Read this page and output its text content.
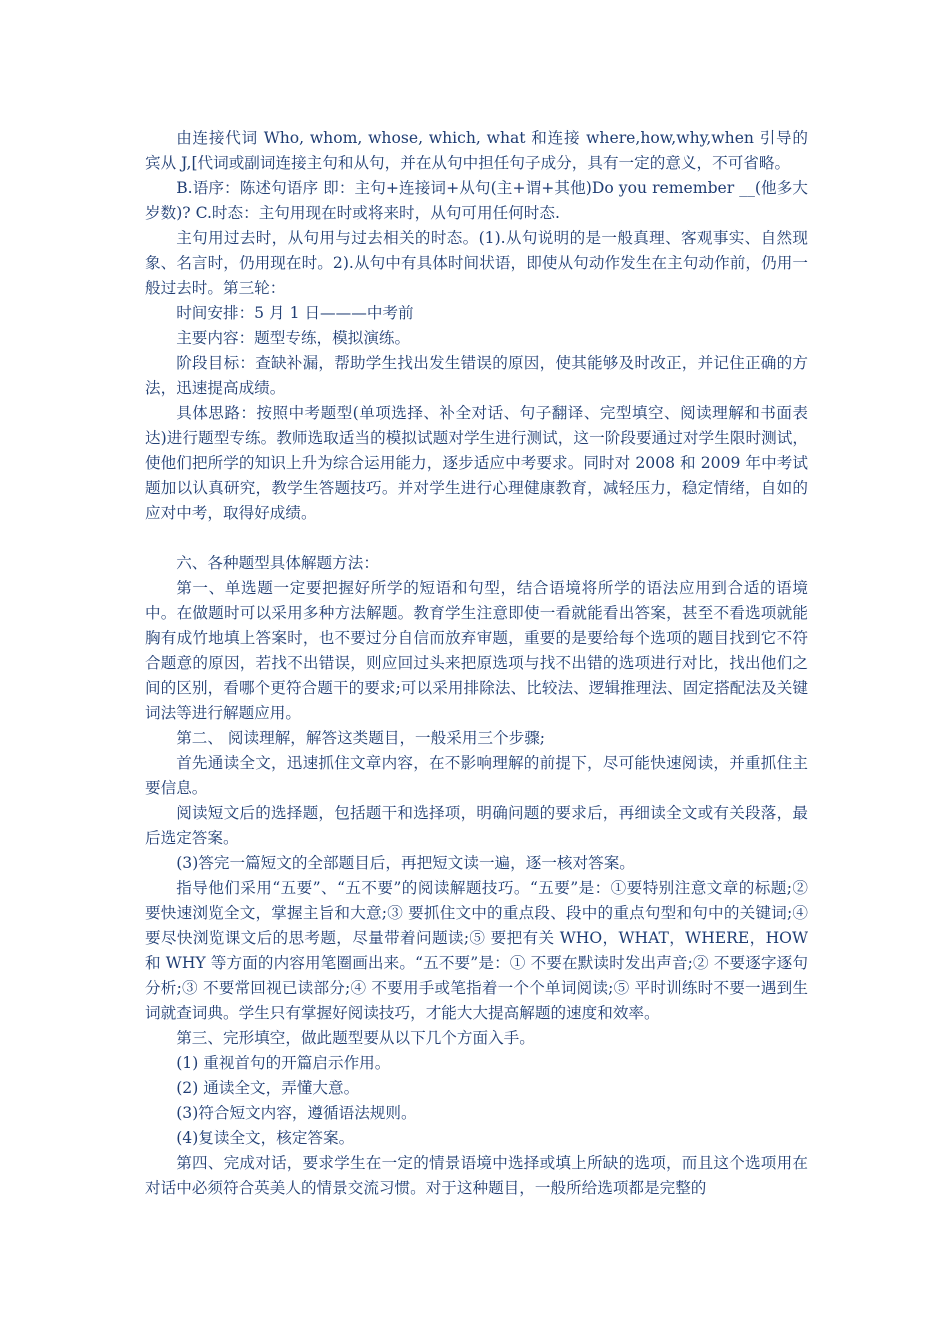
由连接代词 Who, whom, whose, which, what 和连接 where,how,why,when 引导的宾从 J,[代词或副词连接主句和从句，并在从句中担任句子成分，具有一定的意义，不可省略。

B.语序：陈述句语序 即：主句+连接词+从句(主+谓+其他)Do you remember __(他多大岁数)? C.时态：主句用现在时或将来时，从句可用任何时态.

主句用过去时，从句用与过去相关的时态。(1).从句说明的是一般真理、客观事实、自然现象、名言时，仍用现在时。2).从句中有具体时间状语，即使从句动作发生在主句动作前，仍用一般过去时。第三轮：

时间安排：5 月 1 日———中考前

主要内容：题型专练，模拟演练。

阶段目标：查缺补漏，帮助学生找出发生错误的原因，使其能够及时改正，并记住正确的方法，迅速提高成绩。

具体思路：按照中考题型(单项选择、补全对话、句子翻译、完型填空、阅读理解和书面表达)进行题型专练。教师选取适当的模拟试题对学生进行测试，这一阶段要通过对学生限时测试，使他们把所学的知识上升为综合运用能力，逐步适应中考要求。同时对 2008 和 2009 年中考试题加以认真研究，教学生答题技巧。并对学生进行心理健康教育，减轻压力，稳定情绪，自如的应对中考，取得好成绩。

六、各种题型具体解题方法：

第一、单选题一定要把握好所学的短语和句型，结合语境将所学的语法应用到合适的语境中。在做题时可以采用多种方法解题。教育学生注意即使一看就能看出答案，甚至不看选项就能胸有成竹地填上答案时，也不要过分自信而放弃审题，重要的是要给每个选项的题目找到它不符合题意的原因，若找不出错误，则应回过头来把原选项与找不出错的选项进行对比，找出他们之间的区别，看哪个更符合题干的要求;可以采用排除法、比较法、逻辑推理法、固定搭配法及关键词法等进行解题应用。

第二、 阅读理解，解答这类题目，一般采用三个步骤;

首先通读全文，迅速抓住文章内容，在不影响理解的前提下，尽可能快速阅读，并重抓住主要信息。

阅读短文后的选择题，包括题干和选择项，明确问题的要求后，再细读全文或有关段落，最后选定答案。

(3)答完一篇短文的全部题目后，再把短文读一遍，逐一核对答案。

指导他们采用“五要”、“五不要”的阅读解题技巧。“五要”是：①要特别注意文章的标题;② 要快速浏览全文，掌握主旨和大意;③ 要抓住文中的重点段、段中的重点句型和句中的关键词;④ 要尽快浏览课文后的思考题，尽量带着问题读;⑤ 要把有关 WHO，WHAT，WHERE，HOW 和 WHY 等方面的内容用笔圈画出来。“五不要”是：① 不要在默读时发出声音;② 不要逐字逐句分析;③ 不要常回视已读部分;④ 不要用手或笔指着一个个单词阅读;⑤ 平时训练时不要一遇到生词就查词典。学生只有掌握好阅读技巧，才能大大提高解题的速度和效率。

第三、完形填空，做此题型要从以下几个方面入手。

(1) 重视首句的开篇启示作用。

(2) 通读全文，弄懂大意。

(3)符合短文内容，遵循语法规则。

(4)复读全文，核定答案。

第四、完成对话，要求学生在一定的情景语境中选择或填上所缺的选项，而且这个选项用在对话中必须符合英美人的情景交流习惯。对于这种题目，一般所给选项都是完整的
